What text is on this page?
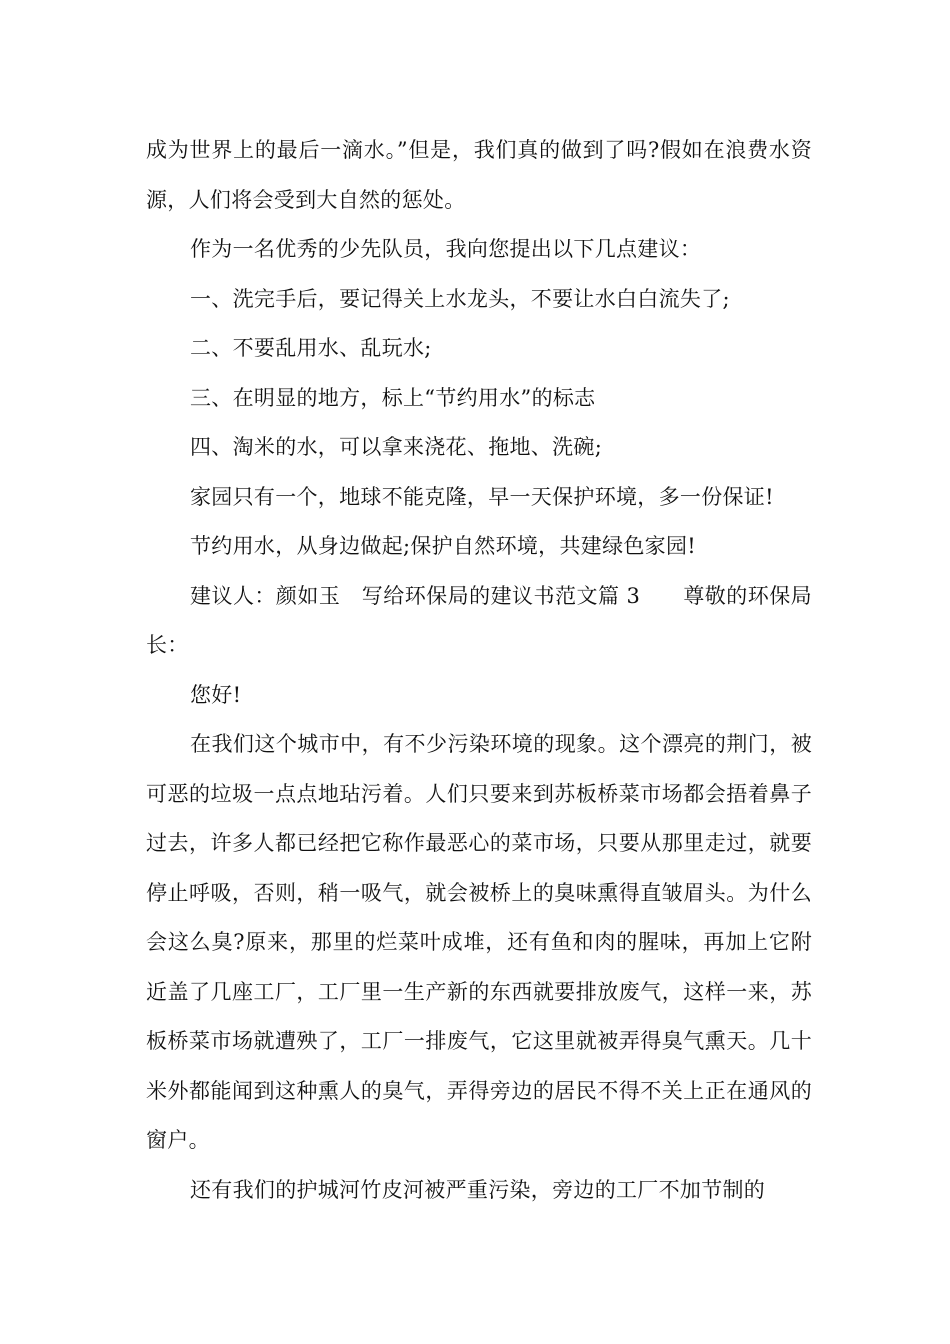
成为世界上的最后一滴水。”但是，我们真的做到了吗?假如在浪费水资源，人们将会受到大自然的惩处。

作为一名优秀的少先队员，我向您提出以下几点建议：

一、洗完手后，要记得关上水龙头，不要让水白白流失了;

二、不要乱用水、乱玩水;

三、在明显的地方，标上“节约用水”的标志

四、淘米的水，可以拿来浇花、拖地、洗碗;

家园只有一个，地球不能克隆，早一天保护环境，多一份保证!

节约用水，从身边做起;保护自然环境，共建绿色家园!

建议人：颜如玉　写给环保局的建议书范文篇 3　　尊敬的环保局长：

您好!

在我们这个城市中，有不少污染环境的现象。这个漂亮的荆门，被可恶的垃圾一点点地玷污着。人们只要来到苏板桥菜市场都会捂着鼻子过去，许多人都已经把它称作最恶心的菜市场，只要从那里走过，就要停止呼吸，否则，稍一吸气，就会被桥上的臭味熏得直皱眉头。为什么会这么臭?原来，那里的烂菜叶成堆，还有鱼和肉的腥味，再加上它附近盖了几座工厂，工厂里一生产新的东西就要排放废气，这样一来，苏板桥菜市场就遭殃了，工厂一排废气，它这里就被弄得臭气熏天。几十米外都能闻到这种熏人的臭气，弄得旁边的居民不得不关上正在通风的窗户。

还有我们的护城河竹皮河被严重污染，旁边的工厂不加节制的
